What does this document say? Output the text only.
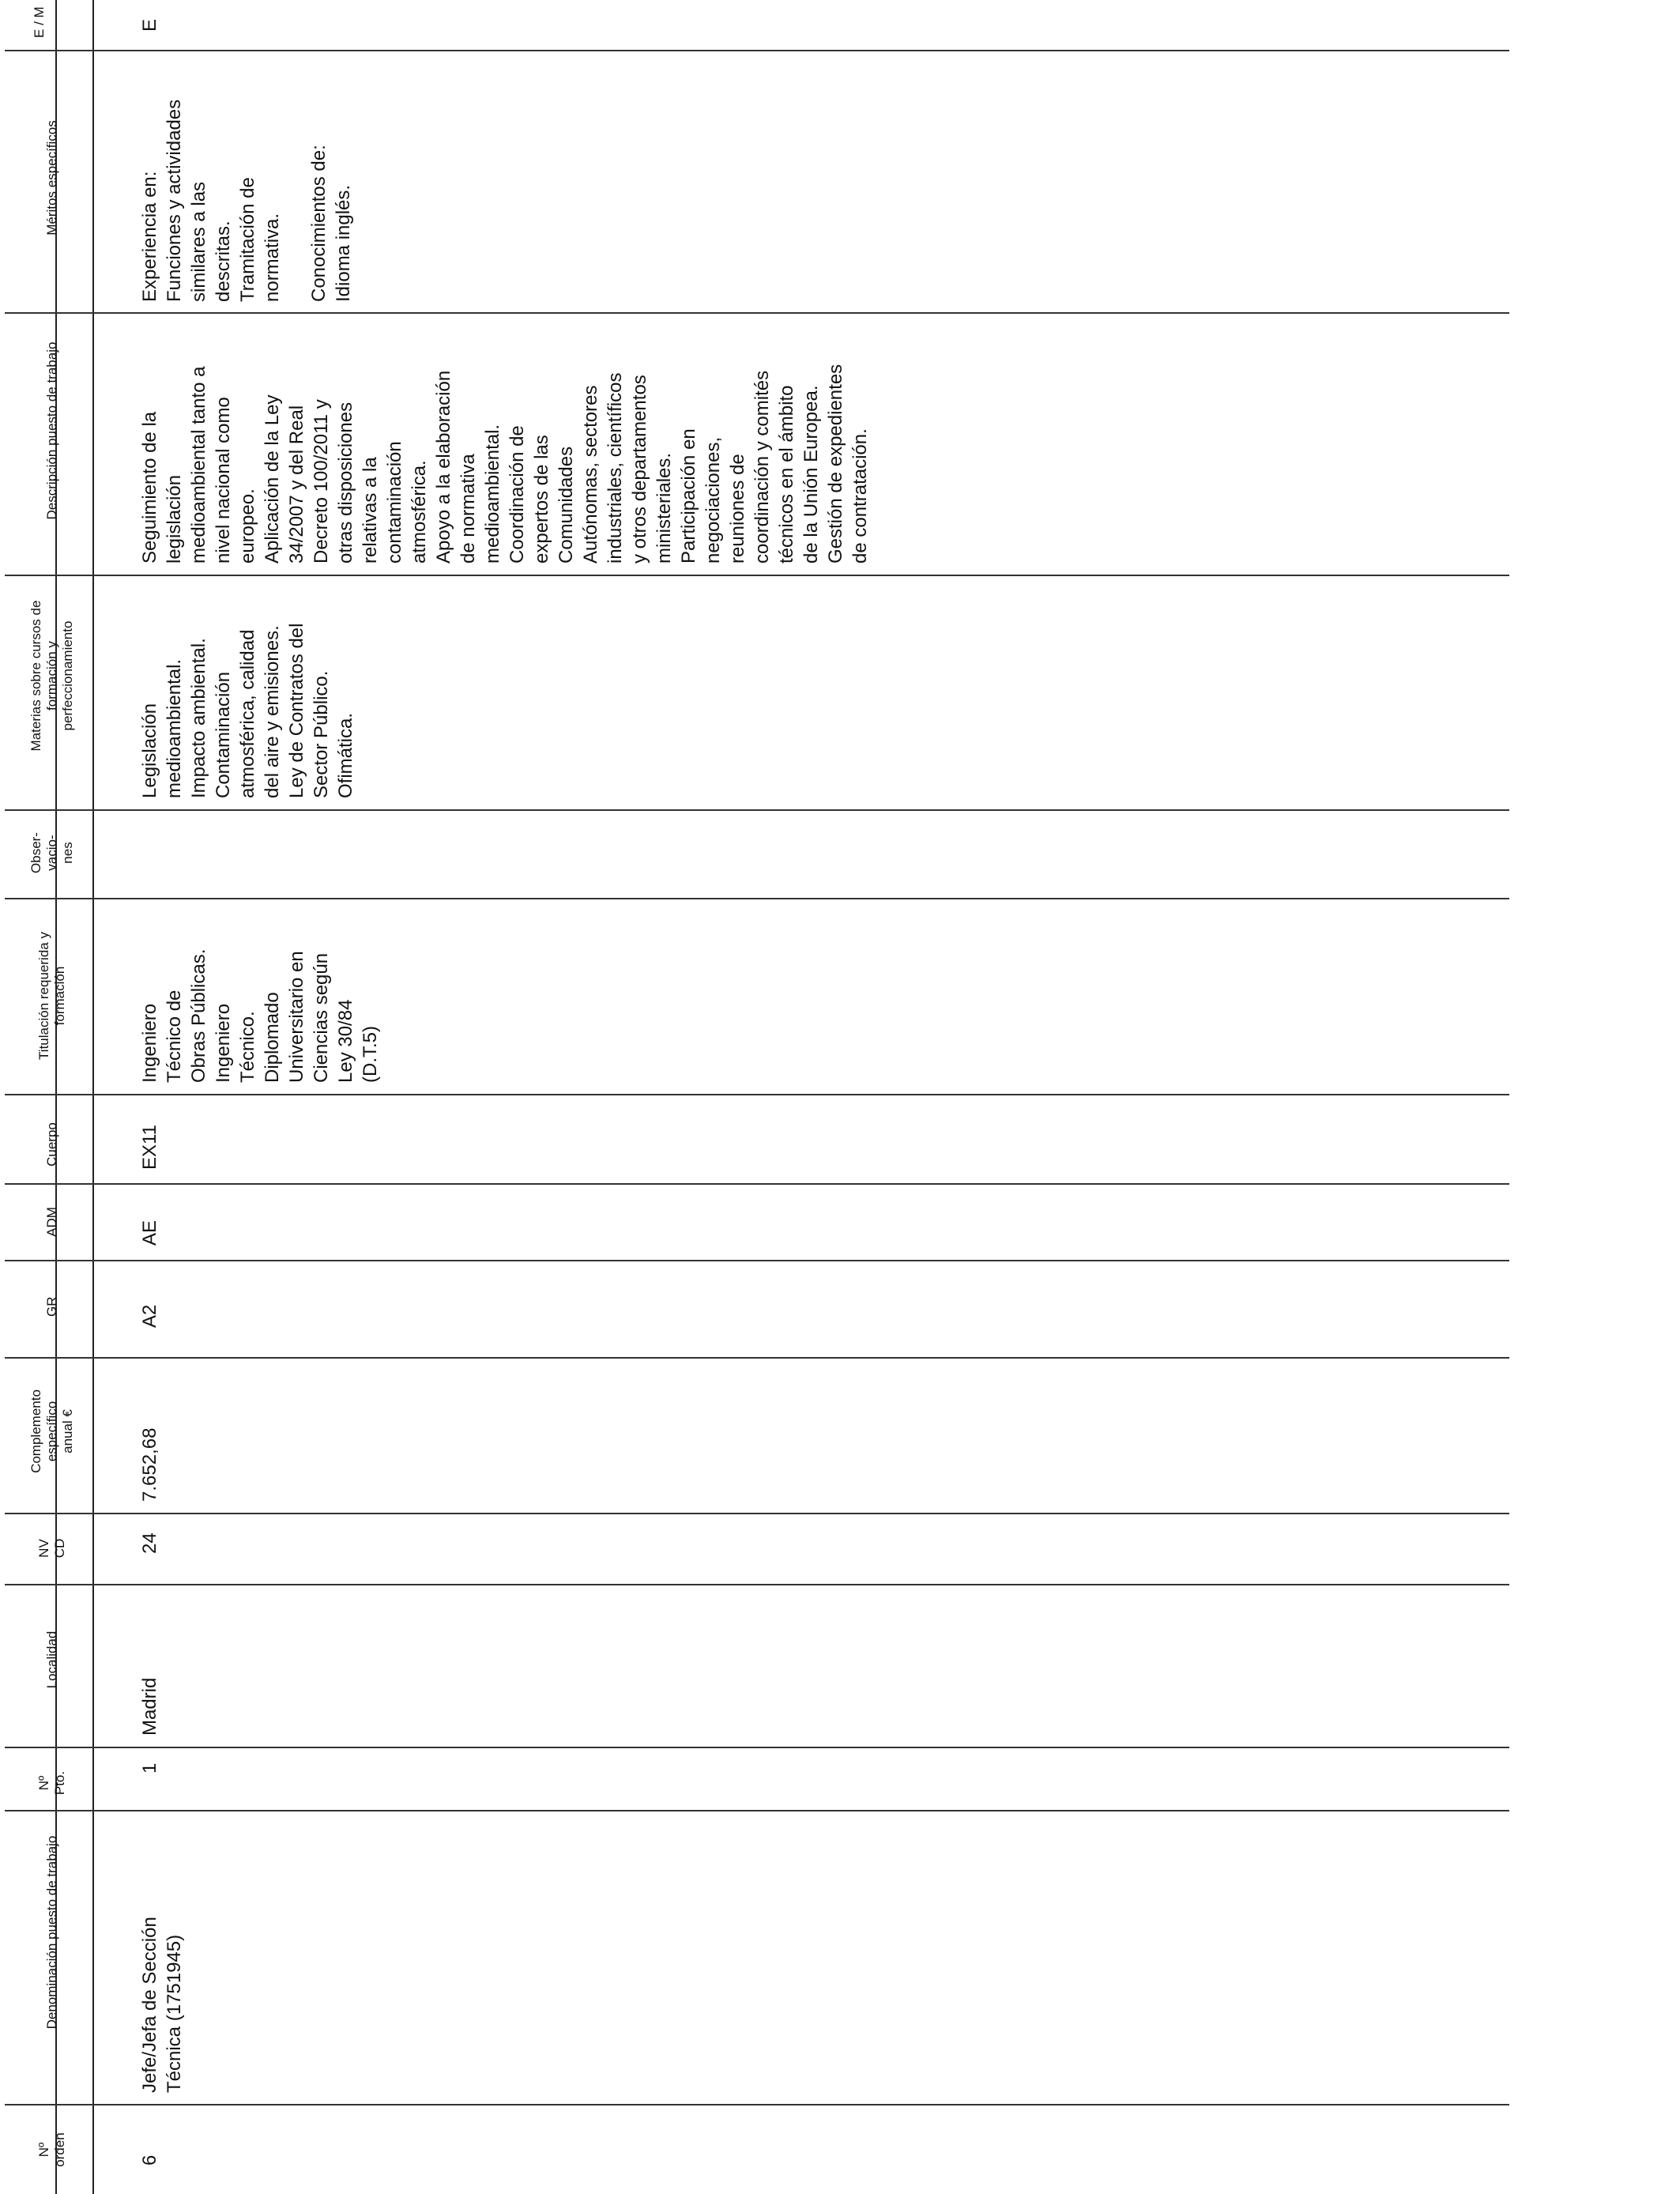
E / M
Méritos específicos
Descripción puesto de trabajo
Materias sobre cursos de formación y perfeccionamiento
Obser- vacio- nes
Titulación requerida y formación
Cuerpo
ADM
GR
Complemento específico anual €
NV CD
Localidad
Nº Pto.
Denominación puesto de trabajo
Nº orden

E

Experiencia en: Funciones y actividades similares a las descritas. Tramitación de normativa. Conocimientos de: Idioma inglés.

Seguimiento de la legislación medioambiental tanto a nivel nacional como europeo. Aplicación de la Ley 34/2007 y del Real Decreto 100/2011 y otras disposiciones relativas a la contaminación atmosférica. Apoyo a la elaboración de normativa medioambiental. Coordinación de expertos de las Comunidades Autónomas, sectores industriales, científicos y otros departamentos ministeriales. Participación en negociaciones, reuniones de coordinación y comités técnicos en el ámbito de la Unión Europea. Gestión de expedientes de contratación.

Legislación medioambiental. Impacto ambiental. Contaminación atmosférica, calidad del aire y emisiones. Ley de Contratos del Sector Público. Ofimática.

Ingeniero Técnico de Obras Públicas. Ingeniero Técnico. Diplomado Universitario en Ciencias según Ley 30/84 (D.T.5)

EX11

AE

A2

7.652,68

24

Madrid

1

Jefe/Jefa de Sección Técnica (1751945)

6
